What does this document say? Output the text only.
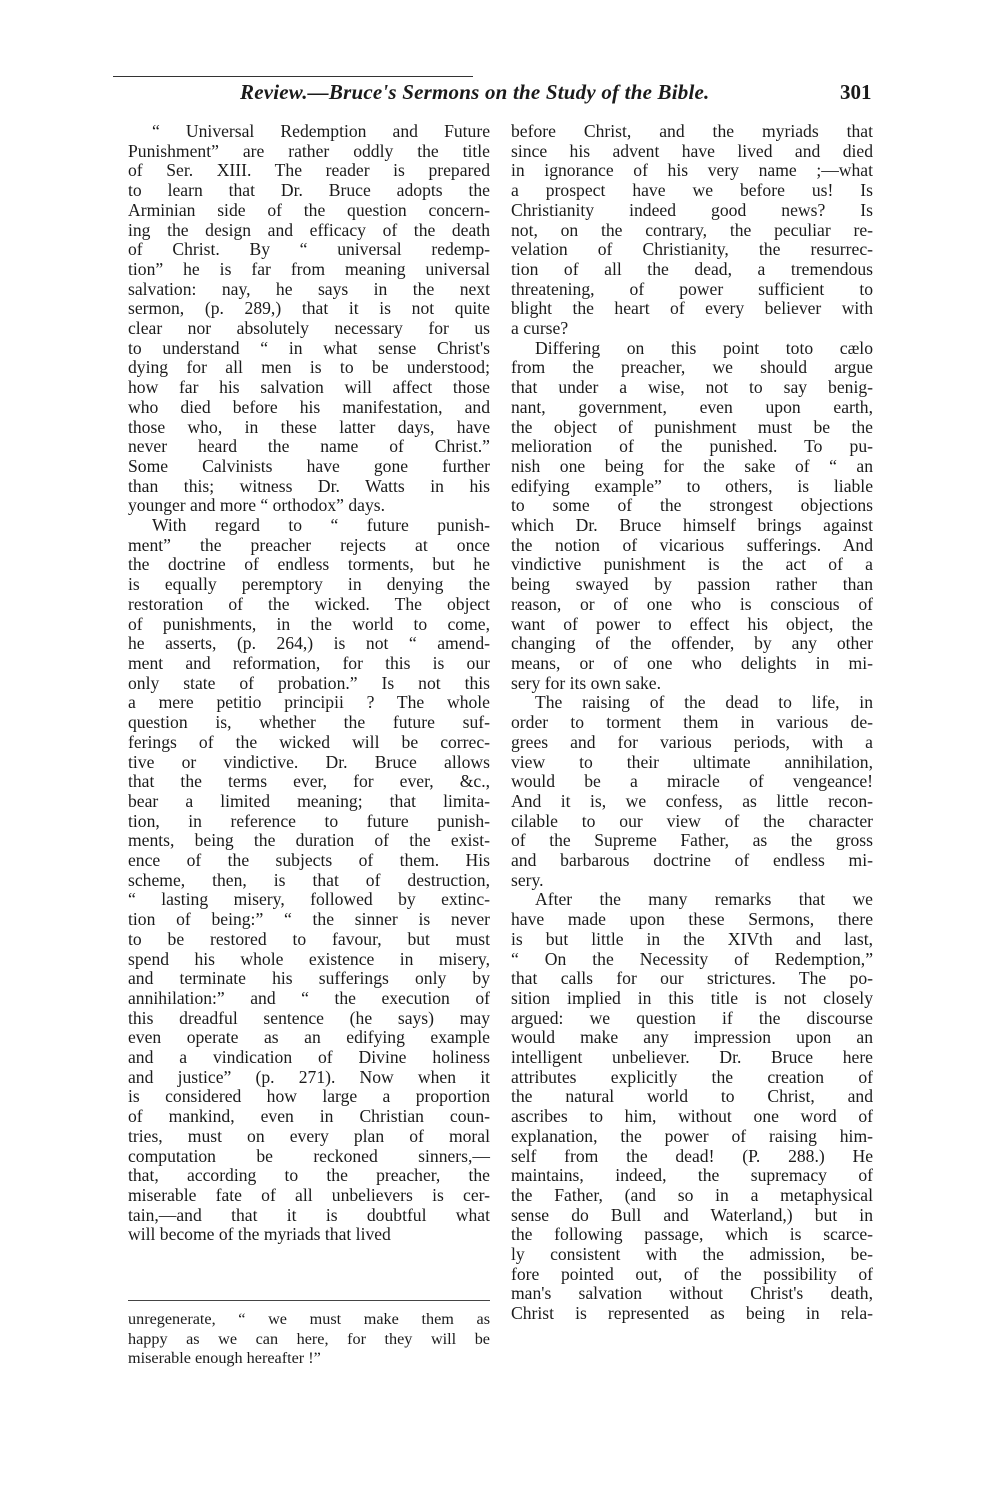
Review.—Bruce's Sermons on the Study of the Bible.	301
“ Universal Redemption and Future
Punishment” are rather oddly the title
of Ser. XIII. The reader is prepared
to learn that Dr. Bruce adopts the
Arminian side of the question concern-
ing the design and efficacy of the death
of Christ. By “ universal redemp-
tion” he is far from meaning universal
salvation: nay, he says in the next
sermon, (p. 289,) that it is not quite
clear nor absolutely necessary for us
to understand “ in what sense Christ's
dying for all men is to be understood;
how far his salvation will affect those
who died before his manifestation, and
those who, in these latter days, have
never heard the name of Christ.”
Some Calvinists have gone further
than this; witness Dr. Watts in his
younger and more “ orthodox” days.
With regard to “ future punish-
ment” the preacher rejects at once
the doctrine of endless torments, but he
is equally peremptory in denying the
restoration of the wicked. The object
of punishments, in the world to come,
he asserts, (p. 264,) is not “ amend-
ment and reformation, for this is our
only state of probation.” Is not this
a mere petitio principii ? The whole
question is, whether the future suf-
ferings of the wicked will be correc-
tive or vindictive. Dr. Bruce allows
that the terms ever, for ever, &c.,
bear a limited meaning; that limita-
tion, in reference to future punish-
ments, being the duration of the exist-
ence of the subjects of them. His
scheme, then, is that of destruction,
“ lasting misery, followed by extinc-
tion of being:” “ the sinner is never
to be restored to favour, but must
spend his whole existence in misery,
and terminate his sufferings only by
annihilation:” and “ the execution of
this dreadful sentence (he says) may
even operate as an edifying example
and a vindication of Divine holiness
and justice” (p. 271). Now when it
is considered how large a proportion
of mankind, even in Christian coun-
tries, must on every plan of moral
computation be reckoned sinners,—
that, according to the preacher, the
miserable fate of all unbelievers is cer-
tain,—and that it is doubtful what
will become of the myriads that lived
before Christ, and the myriads that
since his advent have lived and died
in ignorance of his very name ;—what
a prospect have we before us! Is
Christianity indeed good news? Is
not, on the contrary, the peculiar re-
velation of Christianity, the resurrec-
tion of all the dead, a tremendous
threatening, of power sufficient to
blight the heart of every believer with
a curse?
Differing on this point toto cælo
from the preacher, we should argue
that under a wise, not to say benig-
nant, government, even upon earth,
the object of punishment must be the
melioration of the punished. To pu-
nish one being for the sake of “ an
edifying example” to others, is liable
to some of the strongest objections
which Dr. Bruce himself brings against
the notion of vicarious sufferings. And
vindictive punishment is the act of a
being swayed by passion rather than
reason, or of one who is conscious of
want of power to effect his object, the
changing of the offender, by any other
means, or of one who delights in mi-
sery for its own sake.
The raising of the dead to life, in
order to torment them in various de-
grees and for various periods, with a
view to their ultimate annihilation,
would be a miracle of vengeance!
And it is, we confess, as little recon-
cilable to our view of the character
of the Supreme Father, as the gross
and barbarous doctrine of endless mi-
sery.
After the many remarks that we
have made upon these Sermons, there
is but little in the XIVth and last,
“ On the Necessity of Redemption,”
that calls for our strictures. The po-
sition implied in this title is not closely
argued: we question if the discourse
would make any impression upon an
intelligent unbeliever. Dr. Bruce here
attributes explicitly the creation of
the natural world to Christ, and
ascribes to him, without one word of
explanation, the power of raising him-
self from the dead! (P. 288.) He
maintains, indeed, the supremacy of
the Father, (and so in a metaphysical
sense do Bull and Waterland,) but in
the following passage, which is scarce-
ly consistent with the admission, be-
fore pointed out, of the possibility of
man's salvation without Christ's death,
Christ is represented as being in rela-
unregenerate, “ we must make them as
happy as we can here, for they will be
miserable enough hereafter !”
